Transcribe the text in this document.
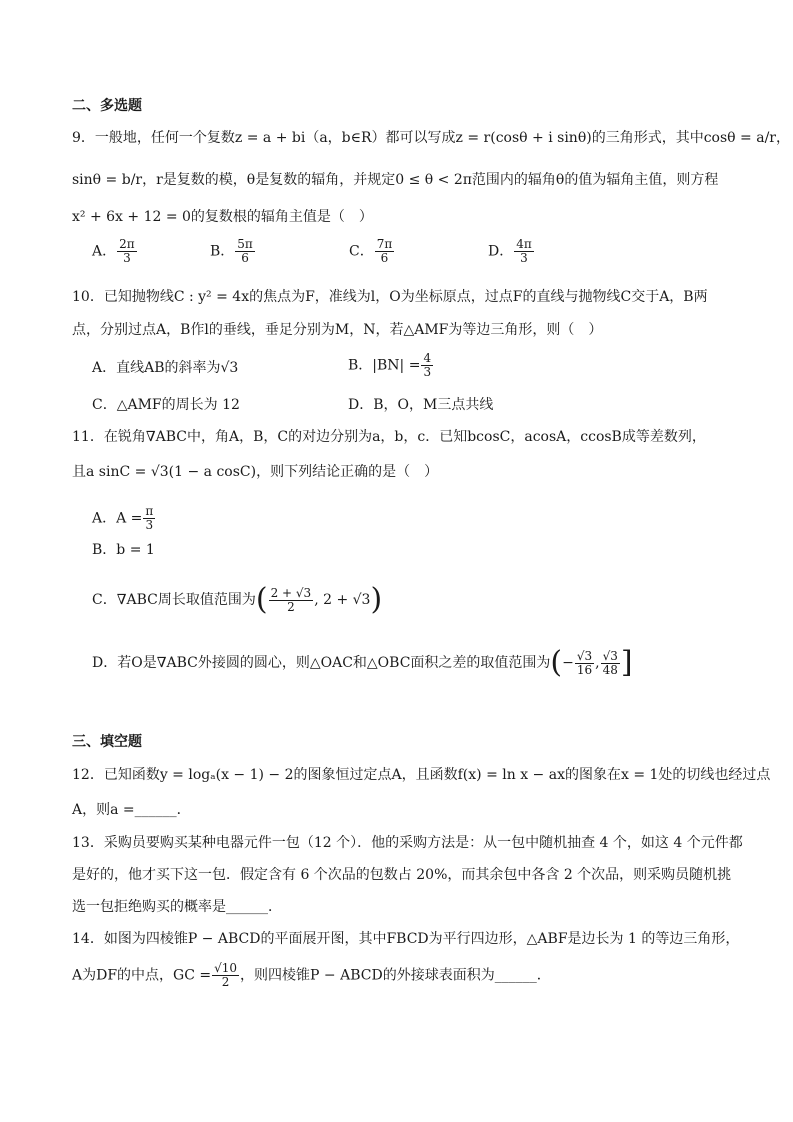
二、多选题
9．一般地，任何一个复数z = a + bi（a，b∈R）都可以写成z = r(cosθ + i sinθ)的三角形式，其中cosθ = a/r，
sinθ = b/r，r是复数的模，θ是复数的辐角，并规定0 ≤ θ < 2π范围内的辐角θ的值为辐角主值，则方程
x² + 6x + 12 = 0的复数根的辐角主值是（　）
A． $\frac{2\pi}{3}$	B． $\frac{5\pi}{6}$	C． $\frac{7\pi}{6}$	D． $\frac{4\pi}{3}$
10．已知抛物线C : y² = 4x的焦点为F，准线为l，O为坐标原点，过点F的直线与抛物线C交于A，B两
点，分别过点A，B作l的垂线，垂足分别为M，N，若△AMF为等边三角形，则（　）
A．直线AB的斜率为√3	B．$|BN| = \frac{4}{3}$
C．△AMF的周长为 12	D．B，O，M三点共线
11．在锐角∇ABC中，角A，B，C的对边分别为a，b，c．已知bcosC，acosA，ccosB成等差数列，
且a sinC = √3(1 − a cosC)，则下列结论正确的是（　）
A．$A = \frac{\pi}{3}$
B．b = 1
C．∇ABC周长取值范围为( $\frac{2 + √3}{2}$ , 2 + √3)
D．若O是∇ABC外接圆的圆心，则△OAC和△OBC面积之差的取值范围为(− $\frac{√3}{16}$ , $\frac{√3}{48}$ ]
三、填空题
12．已知函数y = logₐ(x − 1) − 2的图象恒过定点A，且函数f(x) = ln x − ax的图象在x = 1处的切线也经过点
A，则a =______．
13．采购员要购买某种电器元件一包（12 个）．他的采购方法是：从一包中随机抽查 4 个，如这 4 个元件都
是好的，他才买下这一包．假定含有 6 个次品的包数占 20%，而其余包中各含 2 个次品，则采购员随机挑
选一包拒绝购买的概率是______．
14．如图为四棱锥P − ABCD的平面展开图，其中FBCD为平行四边形，△ABF是边长为 1 的等边三角形，
A为DF的中点，GC = $\frac{√10}{2}$ ，则四棱锥P − ABCD的外接球表面积为______．
